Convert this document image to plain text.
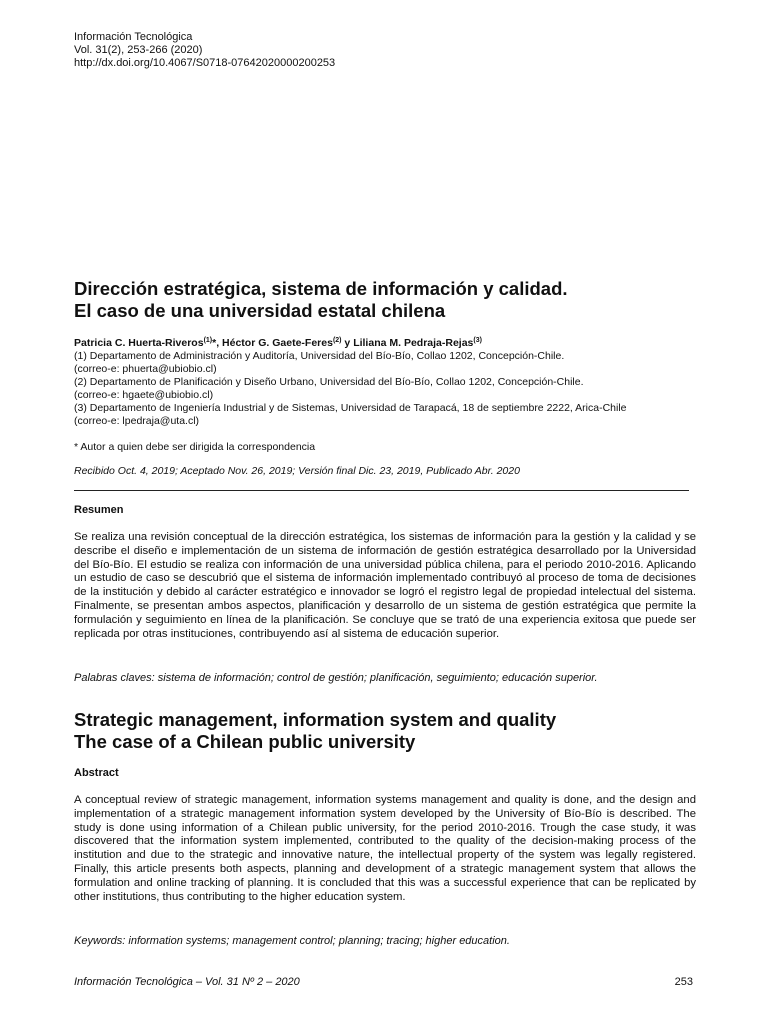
Información Tecnológica
Vol. 31(2), 253-266 (2020)
http://dx.doi.org/10.4067/S0718-07642020000200253
Dirección estratégica, sistema de información y calidad.
El caso de una universidad estatal chilena
Patricia C. Huerta-Riveros$^{(1)}$*, Héctor G. Gaete-Feres$^{(2)}$ y Liliana M. Pedraja-Rejas$^{(3)}$
(1) Departamento de Administración y Auditoría, Universidad del Bío-Bío, Collao 1202, Concepción-Chile.
(correo-e: phuerta@ubiobio.cl)
(2) Departamento de Planificación y Diseño Urbano, Universidad del Bío-Bío, Collao 1202, Concepción-Chile.
(correo-e: hgaete@ubiobio.cl)
(3) Departamento de Ingeniería Industrial y de Sistemas, Universidad de Tarapacá, 18 de septiembre 2222, Arica-Chile
(correo-e: lpedraja@uta.cl)
* Autor a quien debe ser dirigida la correspondencia
Recibido Oct. 4, 2019; Aceptado Nov. 26, 2019; Versión final Dic. 23, 2019, Publicado Abr. 2020
Resumen
Se realiza una revisión conceptual de la dirección estratégica, los sistemas de información para la gestión y la calidad y se describe el diseño e implementación de un sistema de información de gestión estratégica desarrollado por la Universidad del Bío-Bío. El estudio se realiza con información de una universidad pública chilena, para el periodo 2010-2016. Aplicando un estudio de caso se descubrió que el sistema de información implementado contribuyó al proceso de toma de decisiones de la institución y debido al carácter estratégico e innovador se logró el registro legal de propiedad intelectual del sistema. Finalmente, se presentan ambos aspectos, planificación y desarrollo de un sistema de gestión estratégica que permite la formulación y seguimiento en línea de la planificación. Se concluye que se trató de una experiencia exitosa que puede ser replicada por otras instituciones, contribuyendo así al sistema de educación superior.
Palabras claves: sistema de información; control de gestión; planificación, seguimiento; educación superior.
Strategic management, information system and quality
The case of a Chilean public university
Abstract
A conceptual review of strategic management, information systems management and quality is done, and the design and implementation of a strategic management information system developed by the University of Bío-Bío is described. The study is done using information of a Chilean public university, for the period 2010-2016. Trough the case study, it was discovered that the information system implemented, contributed to the quality of the decision-making process of the institution and due to the strategic and innovative nature, the intellectual property of the system was legally registered. Finally, this article presents both aspects, planning and development of a strategic management system that allows the formulation and online tracking of planning. It is concluded that this was a successful experience that can be replicated by other institutions, thus contributing to the higher education system.
Keywords: information systems; management control; planning; tracing; higher education.
Información Tecnológica – Vol. 31 Nº 2 – 2020	253
